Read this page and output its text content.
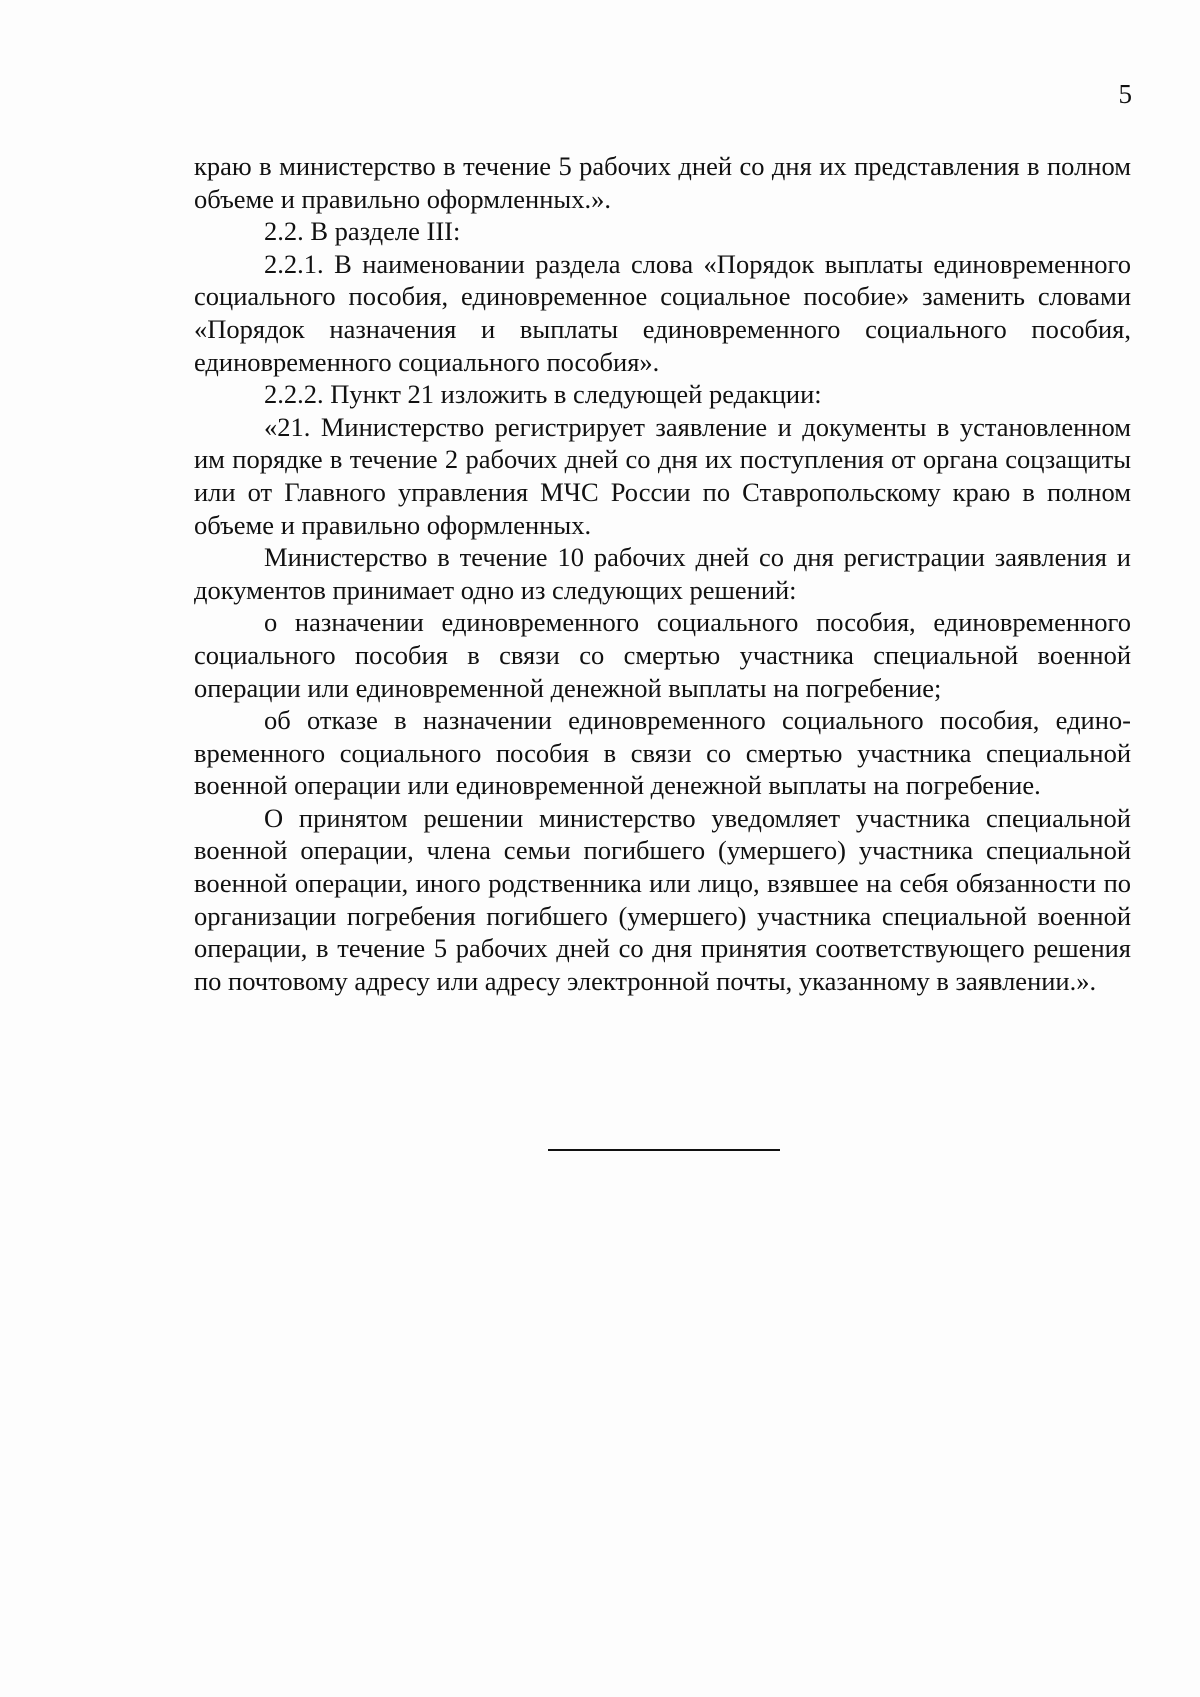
5

краю в министерство в течение 5 рабочих дней со дня их представления в полном объеме и правильно оформленных.».

2.2. В разделе III:

2.2.1. В наименовании раздела слова «Порядок выплаты единовременного социального пособия, единовременное социальное пособие» заменить словами «Порядок назначения и выплаты единовременного социального пособия, единовременного социального пособия».

2.2.2. Пункт 21 изложить в следующей редакции:

«21. Министерство регистрирует заявление и документы в установленном им порядке в течение 2 рабочих дней со дня их поступления от органа соцзащиты или от Главного управления МЧС России по Ставропольскому краю в полном объеме и правильно оформленных.

Министерство в течение 10 рабочих дней со дня регистрации заявления и документов принимает одно из следующих решений:

о назначении единовременного социального пособия, единовременного социального пособия в связи со смертью участника специальной военной операции или единовременной денежной выплаты на погребение;

об отказе в назначении единовременного социального пособия, единовременного социального пособия в связи со смертью участника специальной военной операции или единовременной денежной выплаты на погребение.

О принятом решении министерство уведомляет участника специальной военной операции, члена семьи погибшего (умершего) участника специальной военной операции, иного родственника или лицо, взявшее на себя обязанности по организации погребения погибшего (умершего) участника специальной военной операции, в течение 5 рабочих дней со дня принятия соответствующего решения по почтовому адресу или адресу электронной почты, указанному в заявлении.».
